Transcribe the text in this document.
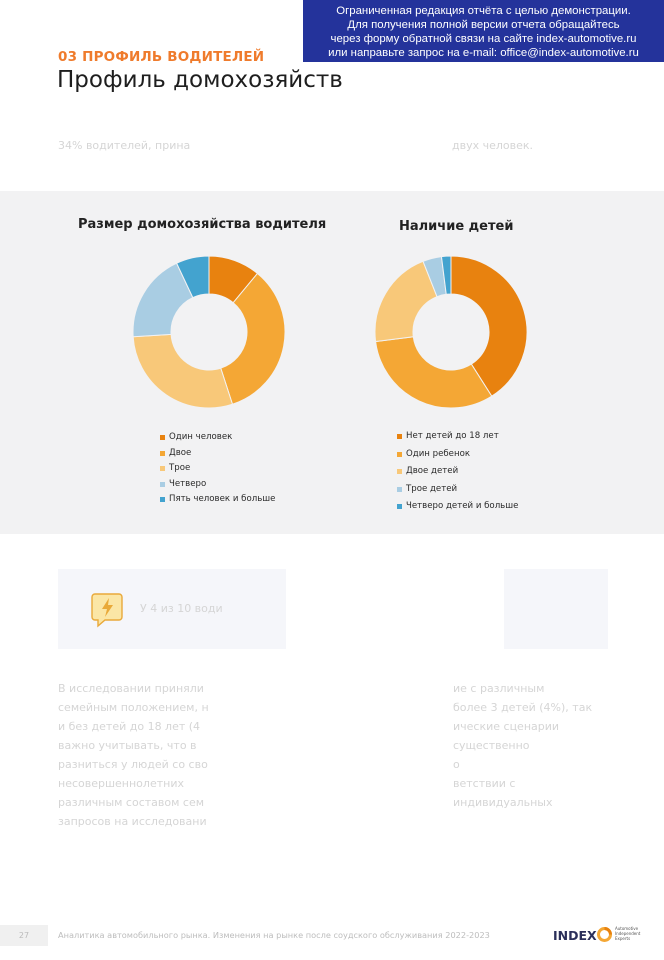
Ограниченная редакция отчёта с целью демонстрации.
Для получения полной версии отчета обращайтесь
через форму обратной связи на сайте index-automotive.ru
или направьте запрос на e-mail: office@index-automotive.ru
03 ПРОФИЛЬ ВОДИТЕЛЕЙ
Профиль домохозяйств
34% водителей, прина	двух человек.
Размер домохозяйства водителя	Наличие детей
Один человек
Двое
Трое
Четверо
Пять человек и больше
Нет детей до 18 лет
Один ребенок
Двое детей
Трое детей
Четверо детей и больше
У 4 из 10 води
В исследовании приняли	ие с различным
семейным положением, н	более 3 детей (4%), так
и без детей до 18 лет (4	ические сценарии
важно учитывать, что в	существенно
разниться у людей со сво	о
несовершеннолетних	ветствии с
различным составом сем	индивидуальных
запросов на исследовани
27	Аналитика автомобильного рынка. Изменения на рынке после соудского обслуживания 2022-2023	INDEX	Automotive Independent Experts
